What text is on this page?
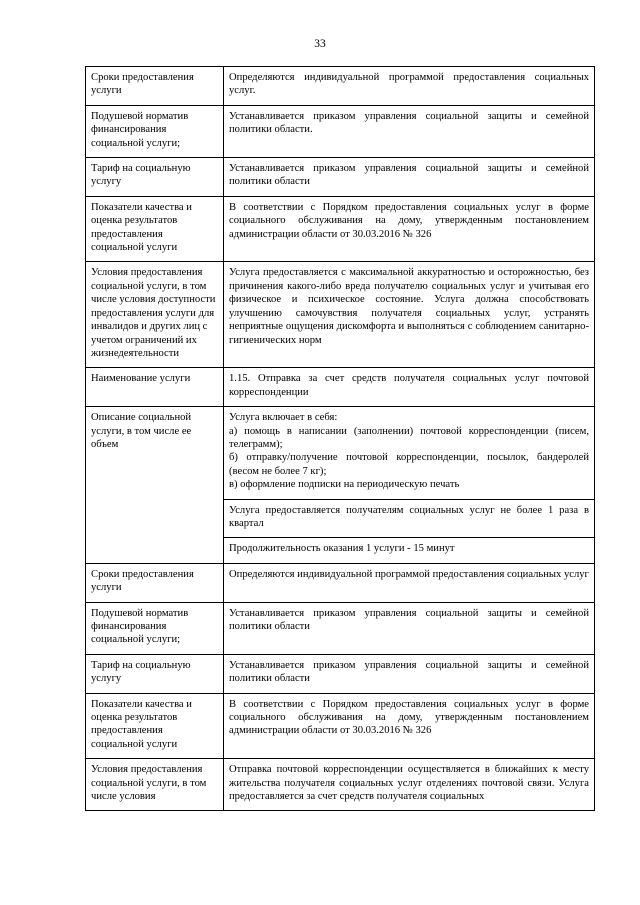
33
Сроки предоставления услуги	Определяются индивидуальной программой предоставления социальных услуг.
Подушевой норматив финансирования социальной услуги;	Устанавливается приказом управления социальной защиты и семейной политики области.
Тариф на социальную услугу	Устанавливается приказом управления социальной защиты и семейной политики области
Показатели качества и оценка результатов предоставления социальной услуги	В соответствии с Порядком предоставления социальных услуг в форме социального обслуживания на дому, утвержденным постановлением администрации области от 30.03.2016 № 326
Условия предоставления социальной услуги, в том числе условия доступности предоставления услуги для инвалидов и других лиц с учетом ограничений их жизнедеятельности	Услуга предоставляется с максимальной аккуратностью и осторожностью, без причинения какого-либо вреда получателю социальных услуг и учитывая его физическое и психическое состояние. Услуга должна способствовать улучшению самочувствия получателя социальных услуг, устранять неприятные ощущения дискомфорта и выполняться с соблюдением санитарно-гигиенических норм
Наименование услуги	1.15. Отправка за счет средств получателя социальных услуг почтовой корреспонденции
Описание социальной услуги, в том числе ее объем	Услуга включает в себя:
а) помощь в написании (заполнении) почтовой корреспонденции (писем, телеграмм);
б) отправку/получение почтовой корреспонденции, посылок, бандеролей (весом не более 7 кг);
в) оформление подписки на периодическую печать

	Услуга предоставляется получателям социальных услуг не более 1 раза в квартал
	Продолжительность оказания 1 услуги - 15 минут
Сроки предоставления услуги	Определяются индивидуальной программой предоставления социальных услуг
Подушевой норматив финансирования социальной услуги;	Устанавливается приказом управления социальной защиты и семейной политики области
Тариф на социальную услугу	Устанавливается приказом управления социальной защиты и семейной политики области
Показатели качества и оценка результатов предоставления социальной услуги	В соответствии с Порядком предоставления социальных услуг в форме социального обслуживания на дому, утвержденным постановлением администрации области от 30.03.2016 № 326
Условия предоставления социальной услуги, в том числе условия	Отправка почтовой корреспонденции осуществляется в ближайших к месту жительства получателя социальных услуг отделениях почтовой связи. Услуга предоставляется за счет средств получателя социальных
